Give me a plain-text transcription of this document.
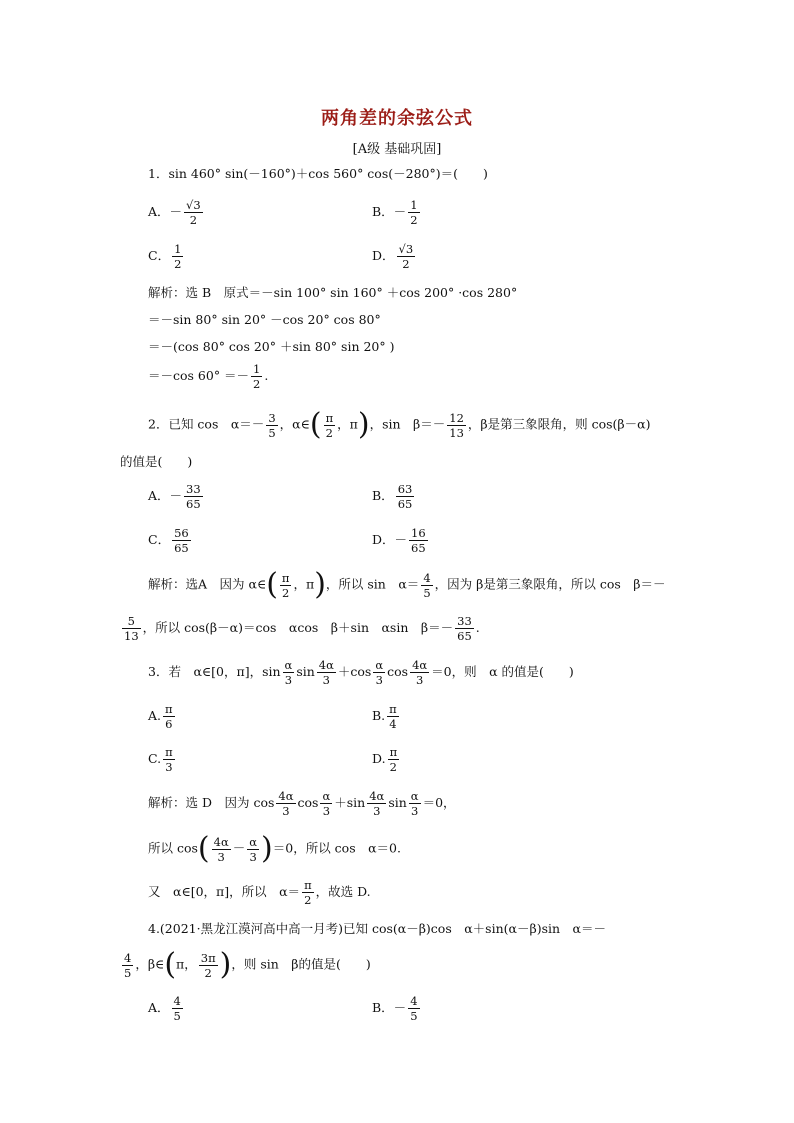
两角差的余弦公式
[A级 基础巩固]
1．sin 460° sin(－160°)＋cos 560° cos(－280°)＝(　　)
A．－ $\frac{√3}{2}$	B．－ $\frac{1}{2}$
C． $\frac{1}{2}$	D． $\frac{√3}{2}$
解析：选 B　原式＝－sin 100° sin 160° ＋cos 200° ·cos 280°
＝－sin 80° sin 20° －cos 20° cos 80°
＝－(cos 80° cos 20° ＋sin 80° sin 20° )
＝－cos $60^\circ =- \frac{1}{2}$ .
2．已知 cos　$\alpha=- \frac{3}{5}$ ，α∈( $\frac{\pi}{2}$ ，π)，sin　$\beta=- \frac{12}{13}$ ，β是第三象限角，则 cos(β－α)
的值是(　　)
A．－ $\frac{33}{65}$	B． $\frac{63}{65}$
C． $\frac{56}{65}$	D．－ $\frac{16}{65}$
解析：选A　因为 α∈( $\frac{\pi}{2}$ ，π)，所以 sin　$\alpha= \frac{4}{5}$ ，因为 β是第三象限角，所以 cos　β＝－
$\frac{5}{13}$ ，所以 cos(β－α)＝cos　αcos　β＋sin　αsin　$\beta=- \frac{33}{65}$ .
3．若　α∈[0，π]，$\sin \frac{\alpha}{3}$ $\sin \frac{4\alpha}{3} +\cos \frac{\alpha}{3}$ $\cos \frac{4\alpha}{3} =0$，则　α 的值是(　　)
A. $\frac{\pi}{6}$	B. $\frac{\pi}{4}$
C. $\frac{\pi}{3}$	D. $\frac{\pi}{2}$
解析：选 D　因为 $\cos \frac{4\alpha}{3}$ $\cos \frac{\alpha}{3} +\sin \frac{4\alpha}{3}$ $\sin \frac{\alpha}{3} =0$，
所以 $\cos( \frac{4\alpha}{3} - \frac{\alpha}{3} )=0$，所以 cos　α＝0.
又　α∈[0，π]，所以　$\alpha= \frac{\pi}{2}$ ，故选 D.
4.(2021·黑龙江漠河高中高一月考)已知 cos(α－β)cos　α＋sin(α－β)sin　α＝－
$\frac{4}{5}$ ，β∈(π， $\frac{3\pi}{2}$ )，则 sin　β的值是(　　)
A． $\frac{4}{5}$	B．－ $\frac{4}{5}$
